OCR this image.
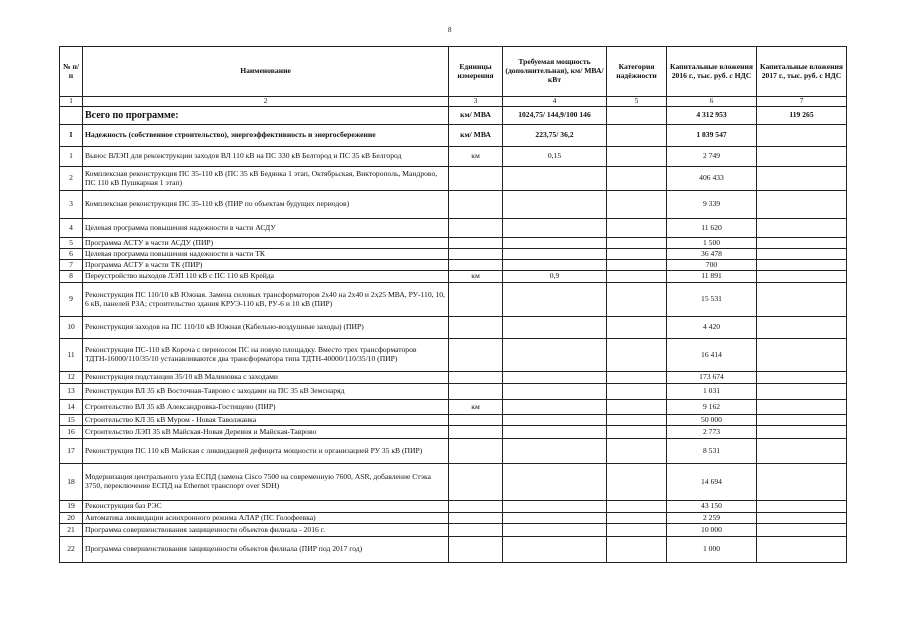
8
№ п/п	Наименование	Единицы измерения	Требуемая мощность (дополнительная), км/ МВА/ кВт	Категория надёжности	Капитальные вложения 2016 г., тыс. руб. с НДС	Капитальные вложения 2017 г., тыс. руб. с НДС
1	2	3	4	5	6	7
	Всего по программе:	км/ МВА	1024,75/ 144,9/100 146		4 312 953	119 265
I	Надежность (собственное строительство), энергоэффективность и энергосбережение	км/ МВА	223,75/ 36,2		1 839 547	
1	Вынос ВЛЭП для реконструкции заходов ВЛ 110 кВ на ПС 330 кВ Белгород и ПС 35 кВ Белгород	км	0,15		2 749	
2	Комплексная реконструкция ПС 35-110 кВ (ПС 35 кВ Бедянка 1 этап, Октябрьская, Викторополь, Мандрово, ПС 110 кВ Пушкарная 1 этап)				406 433	
3	Комплексная реконструкция ПС 35-110 кВ (ПИР по объектам будущих периодов)				9 339	
4	Целевая программа повышения надежности в части АСДУ				11 620	
5	Программа АСТУ в части АСДУ (ПИР)				1 500	
6	Целевая программа повышения надежности в части ТК				36 478	
7	Программа АСТУ в части ТК (ПИР)				700	
8	Переустройство выходов ЛЭП 110 кВ с ПС 110 кВ Крейда	км	0,9		11 891	
9	Реконструкция ПС 110/10 кВ Южная. Замена силовых трансформаторов 2х40 на 2х40 и 2х25 МВА, РУ-110, 10, 6 кВ, панелей РЗА; строительство здания КРУЭ-110 кВ, РУ-6 и 10 кВ (ПИР)				15 531	
10	Реконструкция заходов на ПС 110/10 кВ Южная (Кабельно-воздушные заходы) (ПИР)				4 420	
11	Реконструкция ПС-110 кВ Короча с переносом ПС на новую площадку. Вместо трех трансформаторов ТДТН-16000/110/35/10 устанавливаются два трансформатора типа ТДТН-40000/110/35/10 (ПИР)				16 414	
12	Реконструкция подстанции 35/10 кВ Малиновка с заходами				173 674	
13	Реконструкция ВЛ 35 кВ Восточная-Таврово с заходами на ПС 35 кВ Земснаряд				1 031	
14	Строительство ВЛ 35 кВ Александровка-Гостищево (ПИР)	км			9 162	
15	Строительство КЛ 35 кВ Муром - Новая Таволжанка				50 000	
16	Строительство ЛЭП 35 кВ Майская-Новая Деревня и Майская-Таврово				2 773	
17	Реконструкция ПС 110 кВ Майская с ликвидацией дефицита мощности и организацией РУ 35 кВ (ПИР)				8 531	
18	Модернизация центрального узла ЕСПД (замена Cisco 7500 на современную 7600, ASR, добавление Стэка 3750, переключение ЕСПД на Ethernet транспорт over SDH)				14 694	
19	Реконструкция баз РЭС				43 150	
20	Автоматика ликвидации асинхронного режима АЛАР (ПС Голофеевка)				2 259	
21	Программа совершенствования защищенности объектов филиала - 2016 г.				10 000	
22	Программа совершенствования защищенности объектов филиала (ПИР под 2017 год)				1 000	
